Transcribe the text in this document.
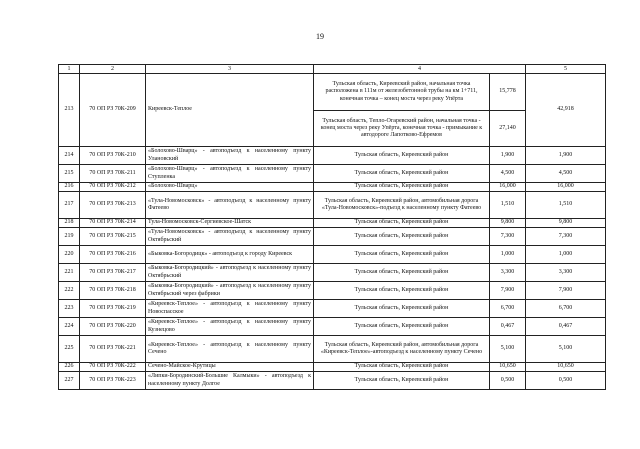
19
1	2	3	4		5
213	70 ОП РЗ 70К-209	Киреевск-Теплое	Тульская область, Киреевский район, начальная точка расположена в 111м от железобетонной трубы на км 1+711, конечная точка – конец моста через реку Упёрта	15,778	42,918
			Тульская область, Тепло-Огаревский район, начальная точка - конец моста через реку Упёрта, конечная точка - примыкание к автодороге Лапотково-Ефремов	27,140	
214	70 ОП РЗ 70К-210	«Болохово-Шварц» - автоподъезд к населенному пункту Улановский	Тульская область, Киреевский район	1,900	1,900
215	70 ОП РЗ 70К-211	«Болохово-Шварц» - автоподъезд к населенному пункту Ступленка	Тульская область, Киреевский район	4,500	4,500
216	70 ОП РЗ 70К-212	«Болохово-Шварц»	Тульская область, Киреевский район	16,000	16,000
217	70 ОП РЗ 70К-213	«Тула-Новомосковск» - автоподъезд к населенному пункту Фатеево	Тульская область, Киреевский район, автомобильная дорога «Тула-Новомосковск»-подъезд к населенному пункту Фатеево	1,510	1,510
218	70 ОП РЗ 70К-214	Тула-Новомосковск-Сергиевское-Шатск	Тульская область, Киреевский район	9,800	9,800
219	70 ОП РЗ 70К-215	«Тула-Новомосковск» - автоподъезд к населенному пункту Октябрьский	Тульская область, Киреевский район	7,300	7,300
220	70 ОП РЗ 70К-216	«Быковка-Богородицк» - автоподъезд к городу Киреевск	Тульская область, Киреевский район	1,000	1,000
221	70 ОП РЗ 70К-217	«Быковка-Богородицкий» - автоподъезд к населенному пункту Октябрьский	Тульская область, Киреевский район	3,300	3,300
222	70 ОП РЗ 70К-218	«Быковка-Богородицкий» - автоподъезд к населенному пункту Октябрьский через фабрики	Тульская область, Киреевский район	7,900	7,900
223	70 ОП РЗ 70К-219	«Киреевск-Теплое» - автоподъезд к населенному пункту Новоспасское	Тульская область, Киреевский район	6,700	6,700
224	70 ОП РЗ 70К-220	«Киреевск-Теплое» - автоподъезд к населенному пункту Кузнецово	Тульская область, Киреевский район	0,467	0,467
225	70 ОП РЗ 70К-221	«Киреевск-Теплое» - автоподъезд к населенному пункту Сечено	Тульская область, Киреевский район, автомобильная дорога «Киреевск-Теплое»-автоподъезд к населенному пункту Сечено	5,100	5,100
226	70 ОП РЗ 70К-222	Сечено-Майское-Крутицы	Тульская область, Киреевский район	10,650	10,650
227	70 ОП РЗ 70К-223	«Липки-Бородинский-Большие Калмыки» - автоподъезд к населенному пункту Долгое	Тульская область, Киреевский район	0,500	0,500
